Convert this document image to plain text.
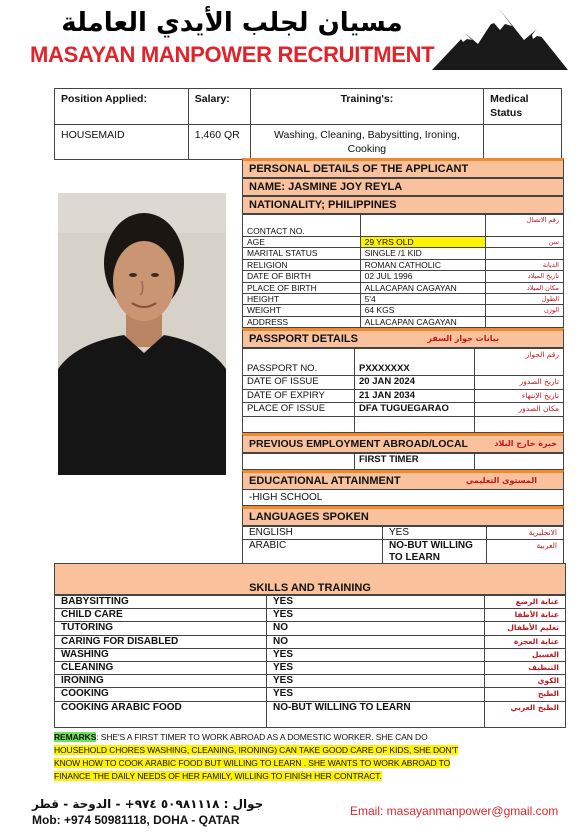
مسيان لجلب الأيدي العاملة
MASAYAN MANPOWER RECRUITMENT
Position Applied:	Salary:	Training's:	Medical Status
HOUSEMAID	1,460 QR	Washing, Cleaning, Babysitting, Ironing, Cooking	
PERSONAL DETAILS OF THE APPLICANT
NAME: JASMINE JOY REYLA
NATIONALITY; PHILIPPINES
CONTACT NO.		رقم الاتصال
AGE	29 YRS OLD	سن
MARITAL STATUS	SINGLE /1 KID	
RELIGION	ROMAN CATHOLIC	الديانة
DATE OF BIRTH	02 JUL 1996	تاريخ الميلاد
PLACE OF BIRTH	ALLACAPAN CAGAYAN	مكان الميلاد
HEIGHT	5'4	الطول
WEIGHT	64 KGS	الوزن
ADDRESS	ALLACAPAN CAGAYAN	
PASSPORT DETAILS	بيانات جواز السفر
PASSPORT NO.	PXXXXXXX	رقم الجواز
DATE OF ISSUE	20 JAN 2024	تاريخ الصدور
DATE OF EXPIRY	21 JAN 2034	تاريخ الإنتهاء
PLACE OF ISSUE	DFA TUGUEGARAO	مكان الصدور

PREVIOUS EMPLOYMENT ABROAD/LOCAL	خبرة خارج البلاد
	FIRST TIMER	
EDUCATIONAL ATTAINMENT	المستوى التعليمي
-HIGH SCHOOL
LANGUAGES SPOKEN
ENGLISH	YES	الانجليزية
ARABIC	NO-BUT WILLING TO LEARN	العربية
SKILLS AND TRAINING
BABYSITTING	YES	عناية الرضع
CHILD CARE	YES	عناية الأطفا
TUTORING	NO	تعليم الأطفال
CARING FOR DISABLED	NO	عناية العجزة
WASHING	YES	الغسيل
CLEANING	YES	التنظيف
IRONING	YES	الكوي
COOKING	YES	الطبخ
COOKING ARABIC FOOD	NO-BUT WILLING TO LEARN	الطبخ العربي
REMARKS: SHE'S A FIRST TIMER TO WORK ABROAD AS A DOMESTIC WORKER. SHE CAN DO
HOUSEHOLD CHORES WASHING, CLEANING, IRONING) CAN TAKE GOOD CARE OF KIDS, SHE DON'T
KNOW HOW TO COOK ARABIC FOOD BUT WILLING TO LEARN . SHE WANTS TO WORK ABROAD TO
FINANCE THE DAILY NEEDS OF HER FAMILY, WILLING TO FINISH HER CONTRACT.
جوال : ٥٠٩٨١١١٨ ٩٧٤+ - الدوحة - قطر
Mob: +974 50981118, DOHA - QATAR
Email: masayanmanpower@gmail.com
